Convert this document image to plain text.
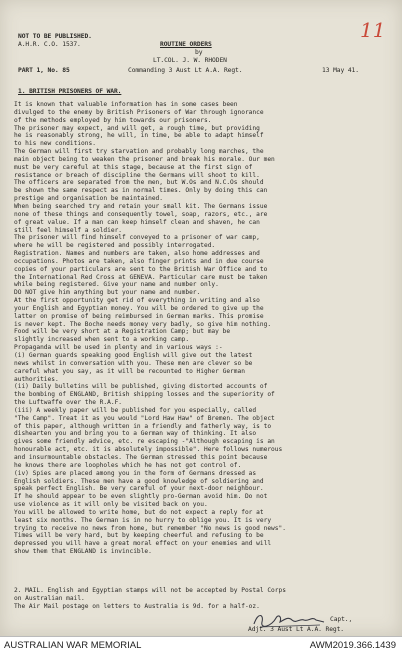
11
NOT TO BE PUBLISHED.
A.H.R. C.O. 1537.	ROUTINE ORDERS
by
LT.COL. J. W. RHODEN
PART 1, No. 85	Commanding 3 Aust Lt A.A. Regt.	13 May 41.
1. BRITISH PRISONERS OF WAR.
It is known that valuable information has in some cases been
divulged to the enemy by British Prisoners of War through ignorance
of the methods employed by him towards our prisoners.
The prisoner may expect, and will get, a rough time, but providing
he is reasonably strong, he will, in time, be able to adapt himself
to his new conditions.
The German will first try starvation and probably long marches, the
main object being to weaken the prisoner and break his morale. Our men
must be very careful at this stage, because at the first sign of
resistance or breach of discipline the Germans will shoot to kill.
The officers are separated from the men, but W.Os and N.C.Os should
be shown the same respect as in normal times. Only by doing this can
prestige and organisation be maintained.
When being searched try and retain your small kit. The Germans issue
none of these things and consequently towel, soap, razors, etc., are
of great value. If a man can keep himself clean and shaven, he can
still feel himself a soldier.
The prisoner will find himself conveyed to a prisoner of war camp,
where he will be registered and possibly interrogated.
Registration. Names and numbers are taken, also home addresses and
occupations. Photos are taken, also finger prints and in due course
copies of your particulars are sent to the British War Office and to
the International Red Cross at GENEVA. Particular care must be taken
while being registered. Give your name and number only.
DO NOT give him anything but your name and number.
At the first opportunity get rid of everything in writing and also
your English and Egyptian money. You will be ordered to give up the
latter on promise of being reimbursed in German marks. This promise
is never kept. The Boche needs money very badly, so give him nothing.
Food will be very short at a Registration Camp; but may be
slightly increased when sent to a working camp.
Propaganda will be used in plenty and in various ways :-
(i) German guards speaking good English will give out the latest
news whilst in conversation with you. These men are clever so be
careful what you say, as it will be recounted to Higher German
authorities.
(ii) Daily bulletins will be published, giving distorted accounts of
the bombing of ENGLAND, British shipping losses and the superiority of
the Luftwaffe over the R.A.F.
(iii) A weekly paper will be published for you especially, called
"The Camp". Treat it as you would "Lord Haw Haw" of Bremen. The object
of this paper, although written in a friendly and fatherly way, is to
dishearten you and bring you to a German way of thinking. It also
gives some friendly advice, etc. re escaping -"Although escaping is an
honourable act, etc. it is absolutely impossible". Here follows numerous
and insurmountable obstacles. The German stressed this point because
he knows there are loopholes which he has not got control of.
(iv) Spies are placed among you in the form of Germans dressed as
English soldiers. These men have a good knowledge of soldiering and
speak perfect English. Be very careful of your next-door neighbour.
If he should appear to be even slightly pro-German avoid him. Do not
use violence as it will only be visited back on you.
You will be allowed to write home, but do not expect a reply for at
least six months. The German is in no hurry to oblige you. It is very
trying to receive no news from home, but remember "No news is good news".
Times will be very hard, but by keeping cheerful and refusing to be
depressed you will have a great moral effect on your enemies and will
show them that ENGLAND is invincible.
2. MAIL. English and Egyptian stamps will not be accepted by Postal Corps
on Australian mail.
The Air Mail postage on letters to Australia is 9d. for a half-oz.
Capt.,
Adjt. 3 Aust Lt A.A. Regt.
AUSTRALIAN WAR MEMORIAL	AWM2019.366.1439
